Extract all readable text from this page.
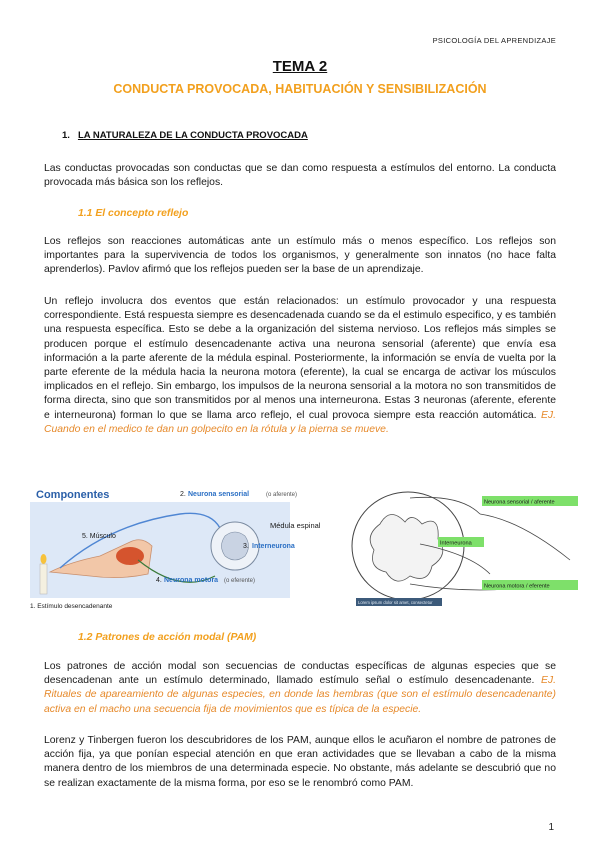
PSICOLOGÍA DEL APRENDIZAJE
TEMA 2
CONDUCTA PROVOCADA, HABITUACIÓN Y SENSIBILIZACIÓN
1. LA NATURALEZA DE LA CONDUCTA PROVOCADA
Las conductas provocadas son conductas que se dan como respuesta a estímulos del entorno. La conducta provocada más básica son los reflejos.
1.1 El concepto reflejo
Los reflejos son reacciones automáticas ante un estímulo más o menos específico. Los reflejos son importantes para la supervivencia de todos los organismos, y generalmente son innatos (no hace falta aprenderlos). Pavlov afirmó que los reflejos pueden ser la base de un aprendizaje.
Un reflejo involucra dos eventos que están relacionados: un estímulo provocador y una respuesta correspondiente. Está respuesta siempre es desencadenada cuando se da el estimulo especifico, y es también una respuesta específica. Esto se debe a la organización del sistema nervioso. Los reflejos más simples se producen porque el estímulo desencadenante activa una neurona sensorial (aferente) que envía esa información a la parte aferente de la médula espinal. Posteriormente, la información se envía de vuelta por la parte eferente de la médula hacia la neurona motora (eferente), la cual se encarga de activar los músculos implicados en el reflejo. Sin embargo, los impulsos de la neurona sensorial a la motora no son transmitidos de forma directa, sino que son transmitidos por al menos una interneurona. Estas 3 neuronas (aferente, eferente e interneurona) forman lo que se llama arco reflejo, el cual provoca siempre esta reacción automática. EJ. Cuando en el medico te dan un golpecito en la rótula y la pierna se mueve.
Componentes	2. Neurona sensorial	(o aferente)
Médula espinal
5. Músculo
3. Interneurona
4. Neurona motora (o eferente)
1. Estímulo desencadenante
Neurona sensorial / aferente
Interneurona
Neurona motora / eferente
Lorem ipsum dolor sit amet, consectetur
1.2 Patrones de acción modal (PAM)
Los patrones de acción modal son secuencias de conductas específicas de algunas especies que se desencadenan ante un estímulo determinado, llamado estímulo señal o estímulo desencadenante. EJ. Rituales de apareamiento de algunas especies, en donde las hembras (que son el estímulo desencadenante) activa en el macho una secuencia fija de movimientos que es típica de la especie.
Lorenz y Tinbergen fueron los descubridores de los PAM, aunque ellos le acuñaron el nombre de patrones de acción fija, ya que ponían especial atención en que eran actividades que se llevaban a cabo de la misma manera dentro de los miembros de una determinada especie. No obstante, más adelante se descubrió que no se realizan exactamente de la misma forma, por eso se le renombró como PAM.
1
